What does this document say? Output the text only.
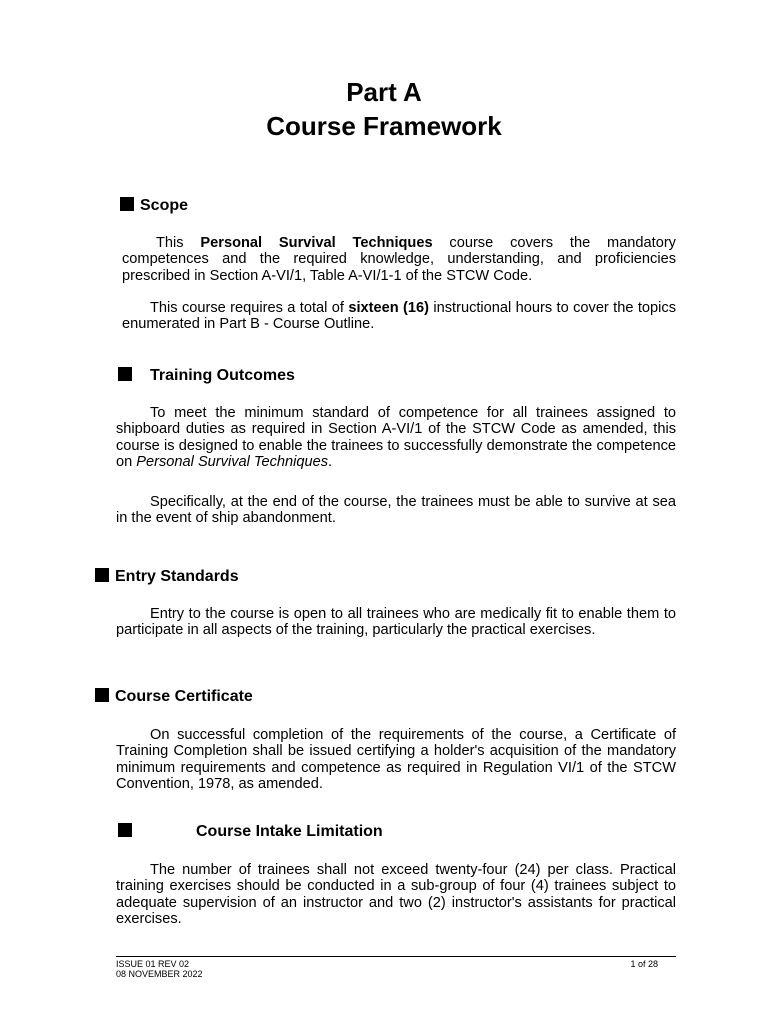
Part A
Course Framework
Scope

This Personal Survival Techniques course covers the mandatory competences and the required knowledge, understanding, and proficiencies prescribed in Section A-VI/1, Table A-VI/1-1 of the STCW Code.

This course requires a total of sixteen (16) instructional hours to cover the topics enumerated in Part B - Course Outline.

Training Outcomes

To meet the minimum standard of competence for all trainees assigned to shipboard duties as required in Section A-VI/1 of the STCW Code as amended, this course is designed to enable the trainees to successfully demonstrate the competence on Personal Survival Techniques.

Specifically, at the end of the course, the trainees must be able to survive at sea in the event of ship abandonment.

Entry Standards

Entry to the course is open to all trainees who are medically fit to enable them to participate in all aspects of the training, particularly the practical exercises.

Course Certificate

On successful completion of the requirements of the course, a Certificate of Training Completion shall be issued certifying a holder's acquisition of the mandatory minimum requirements and competence as required in Regulation VI/1 of the STCW Convention, 1978, as amended.

Course Intake Limitation

The number of trainees shall not exceed twenty-four (24) per class. Practical training exercises should be conducted in a sub-group of four (4) trainees subject to adequate supervision of an instructor and two (2) instructor's assistants for practical exercises.

ISSUE 01 REV 02
08 NOVEMBER 2022
1 of 28
